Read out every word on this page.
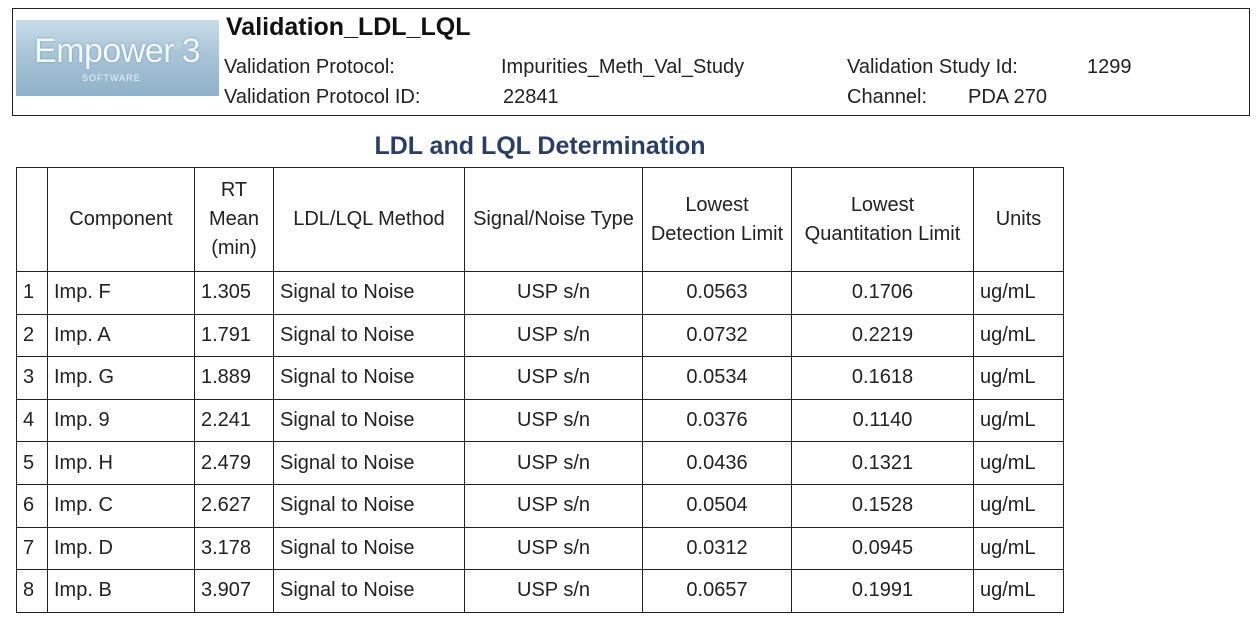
Empower®3
SOFTWARE
Validation_LDL_LQL
Validation Protocol:	Impurities_Meth_Val_Study
Validation Protocol ID:	22841
Validation Study Id:	1299
Channel: PDA 270
LDL and LQL Determination
	Component	RT Mean (min)	LDL/LQL Method	Signal/Noise Type	Lowest Detection Limit	Lowest Quantitation Limit	Units
1	Imp. F	1.305	Signal to Noise	USP s/n	0.0563	0.1706	ug/mL
2	Imp. A	1.791	Signal to Noise	USP s/n	0.0732	0.2219	ug/mL
3	Imp. G	1.889	Signal to Noise	USP s/n	0.0534	0.1618	ug/mL
4	Imp. 9	2.241	Signal to Noise	USP s/n	0.0376	0.1140	ug/mL
5	Imp. H	2.479	Signal to Noise	USP s/n	0.0436	0.1321	ug/mL
6	Imp. C	2.627	Signal to Noise	USP s/n	0.0504	0.1528	ug/mL
7	Imp. D	3.178	Signal to Noise	USP s/n	0.0312	0.0945	ug/mL
8	Imp. B	3.907	Signal to Noise	USP s/n	0.0657	0.1991	ug/mL
